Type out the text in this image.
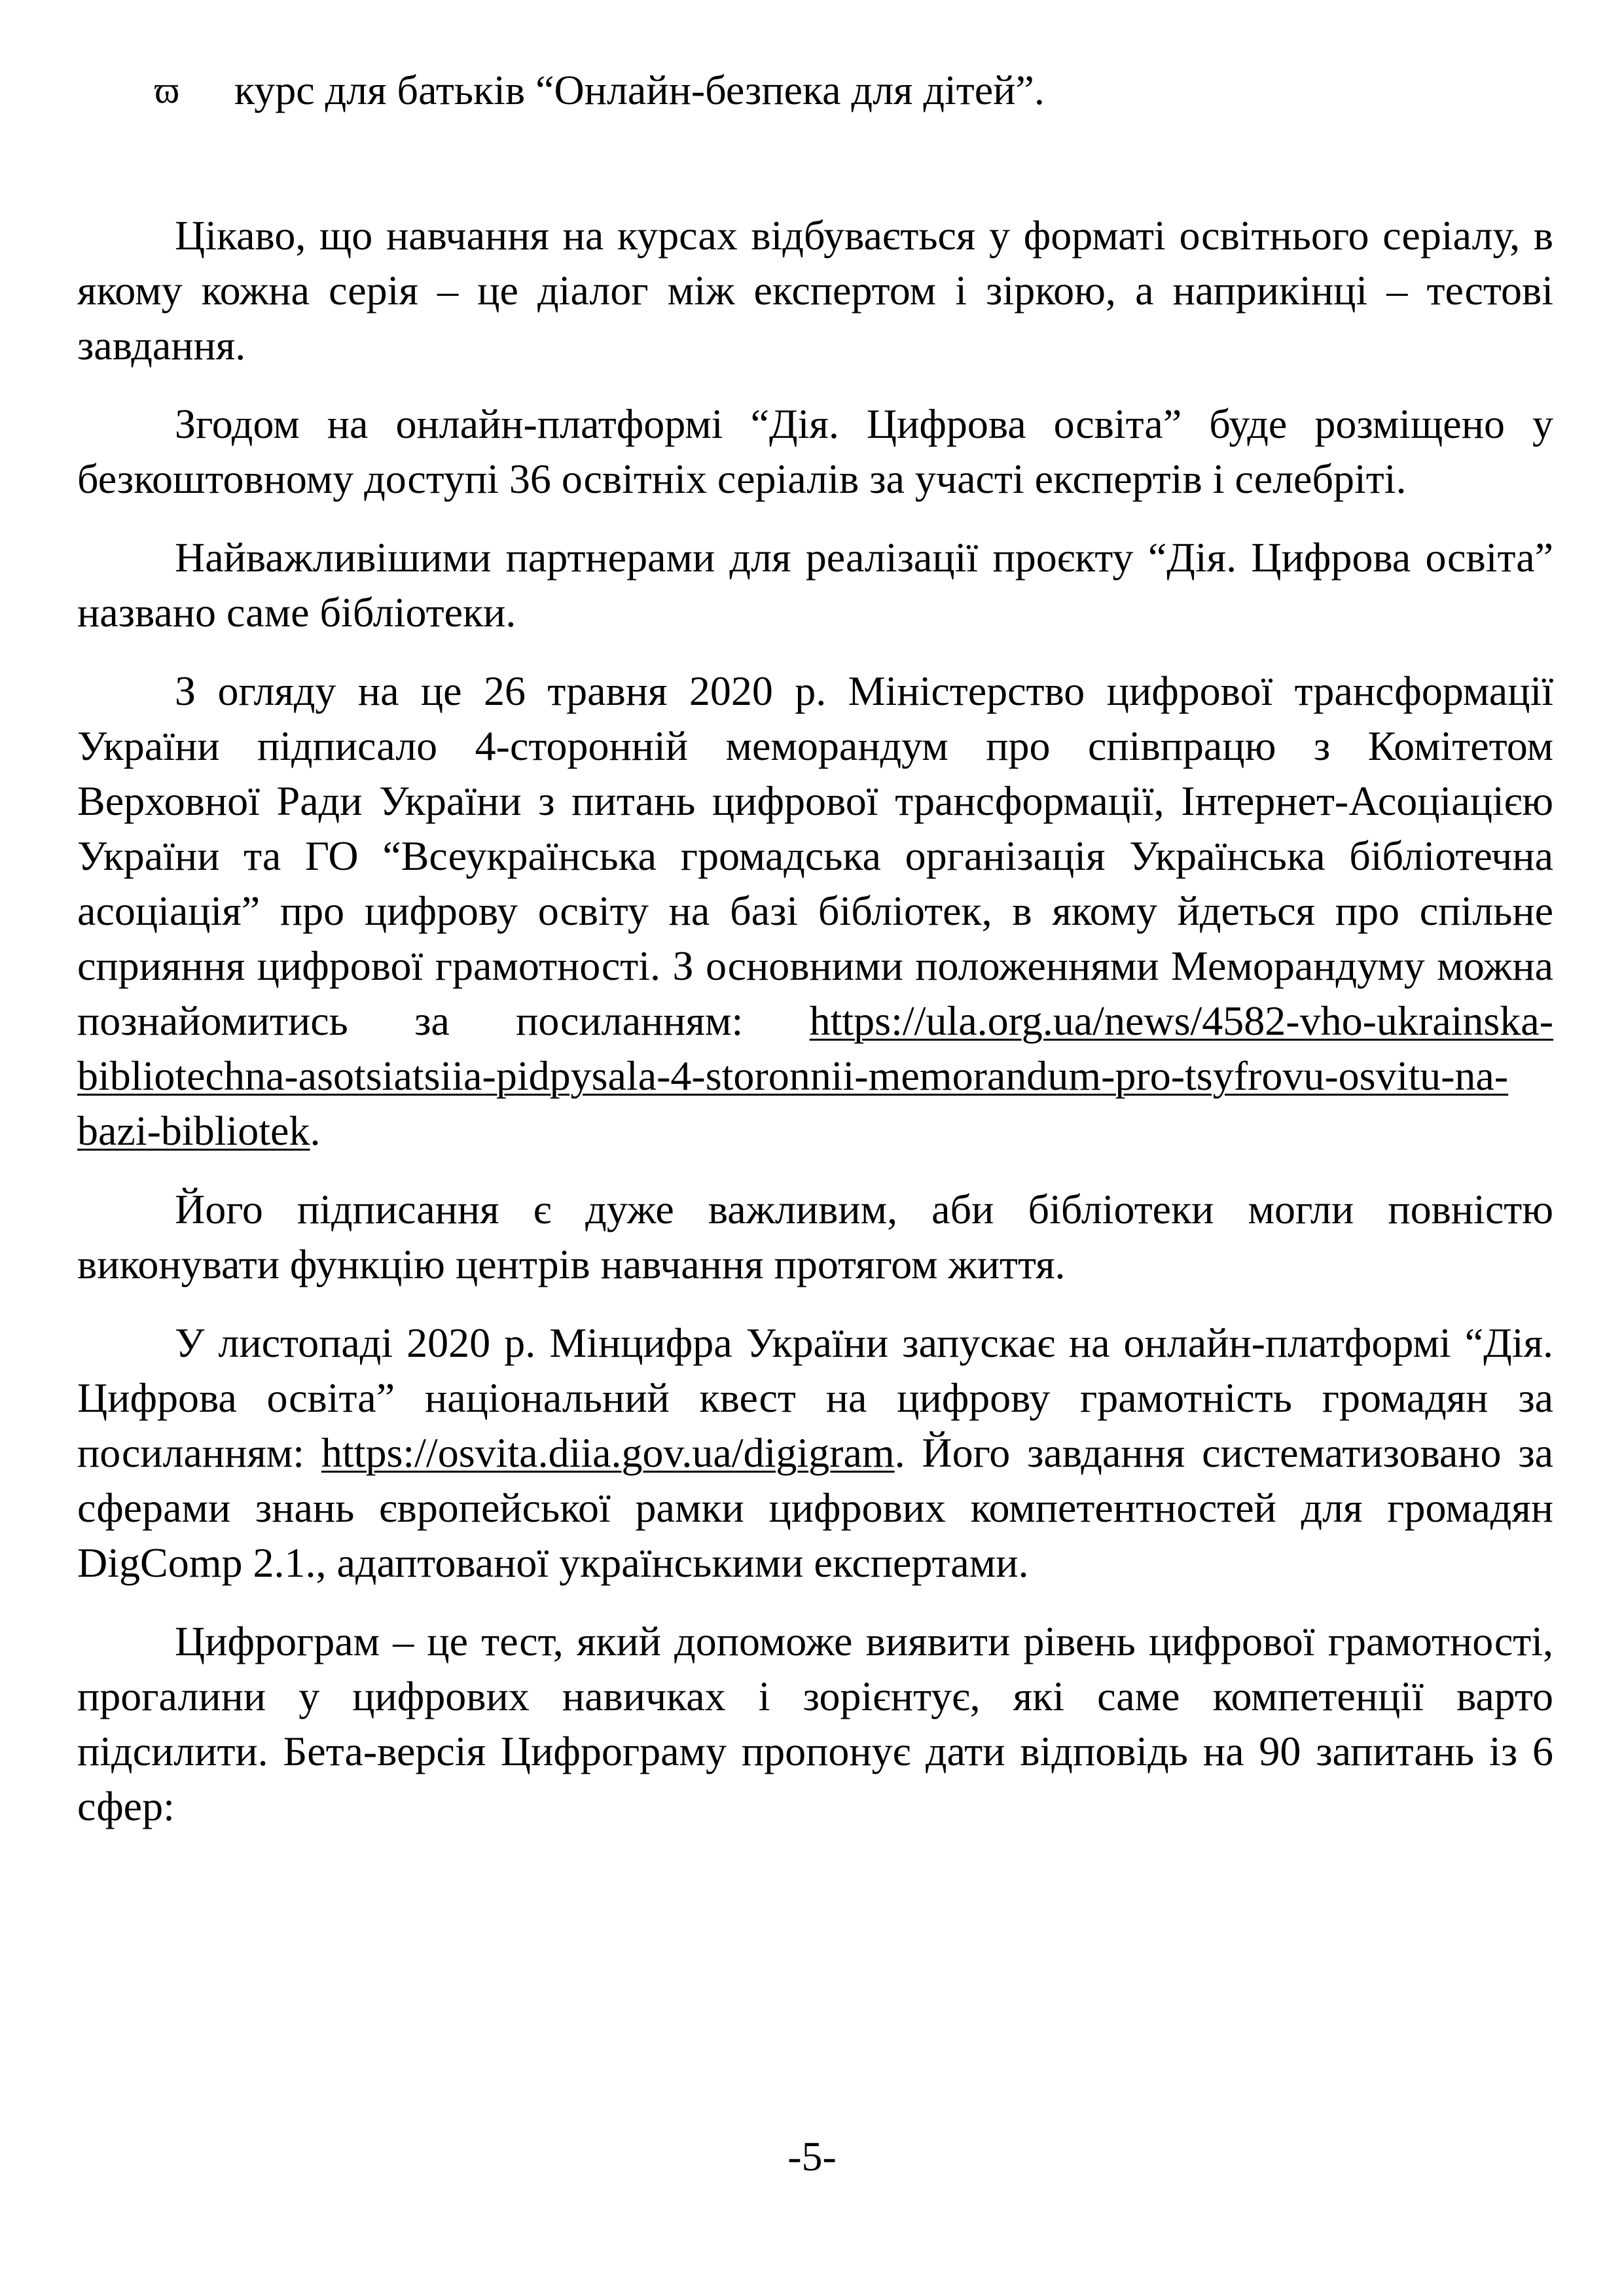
ϖ курс для батьків “Онлайн-безпека для дітей”.

Цікаво, що навчання на курсах відбувається у форматі освітнього серіалу, в якому кожна серія – це діалог між експертом і зіркою, а наприкінці – тестові завдання.

Згодом на онлайн-платформі “Дія. Цифрова освіта” буде розміщено у безкоштовному доступі 36 освітніх серіалів за участі експертів і селебріті.

Найважливішими партнерами для реалізації проєкту “Дія. Цифрова освіта” названо саме бібліотеки.

З огляду на це 26 травня 2020 р. Міністерство цифрової трансформації України підписало 4-сторонній меморандум про співпрацю з Комітетом Верховної Ради України з питань цифрової трансформації, Інтернет-Асоціацією України та ГО “Всеукраїнська громадська організація Українська бібліотечна асоціація” про цифрову освіту на базі бібліотек, в якому йдеться про спільне сприяння цифрової грамотності. З основними положеннями Меморандуму можна познайомитись за посиланням: https://ula.org.ua/news/4582-vho-ukrainska-bibliotechna-asotsiatsiia-pidpysala-4-storonnii-memorandum-pro-tsyfrovu-osvitu-na-bazi-bibliotek.

Його підписання є дуже важливим, аби бібліотеки могли повністю виконувати функцію центрів навчання протягом життя.

У листопаді 2020 р. Мінцифра України запускає на онлайн-платформі “Дія. Цифрова освіта” національний квест на цифрову грамотність громадян за посиланням: https://osvita.diia.gov.ua/digigram. Його завдання систематизовано за сферами знань європейської рамки цифрових компетентностей для громадян DigComp 2.1., адаптованої українськими експертами.

Цифрограм – це тест, який допоможе виявити рівень цифрової грамотності, прогалини у цифрових навичках і зорієнтує, які саме компетенції варто підсилити. Бета-версія Цифрограму пропонує дати відповідь на 90 запитань із 6 сфер:

-5-
